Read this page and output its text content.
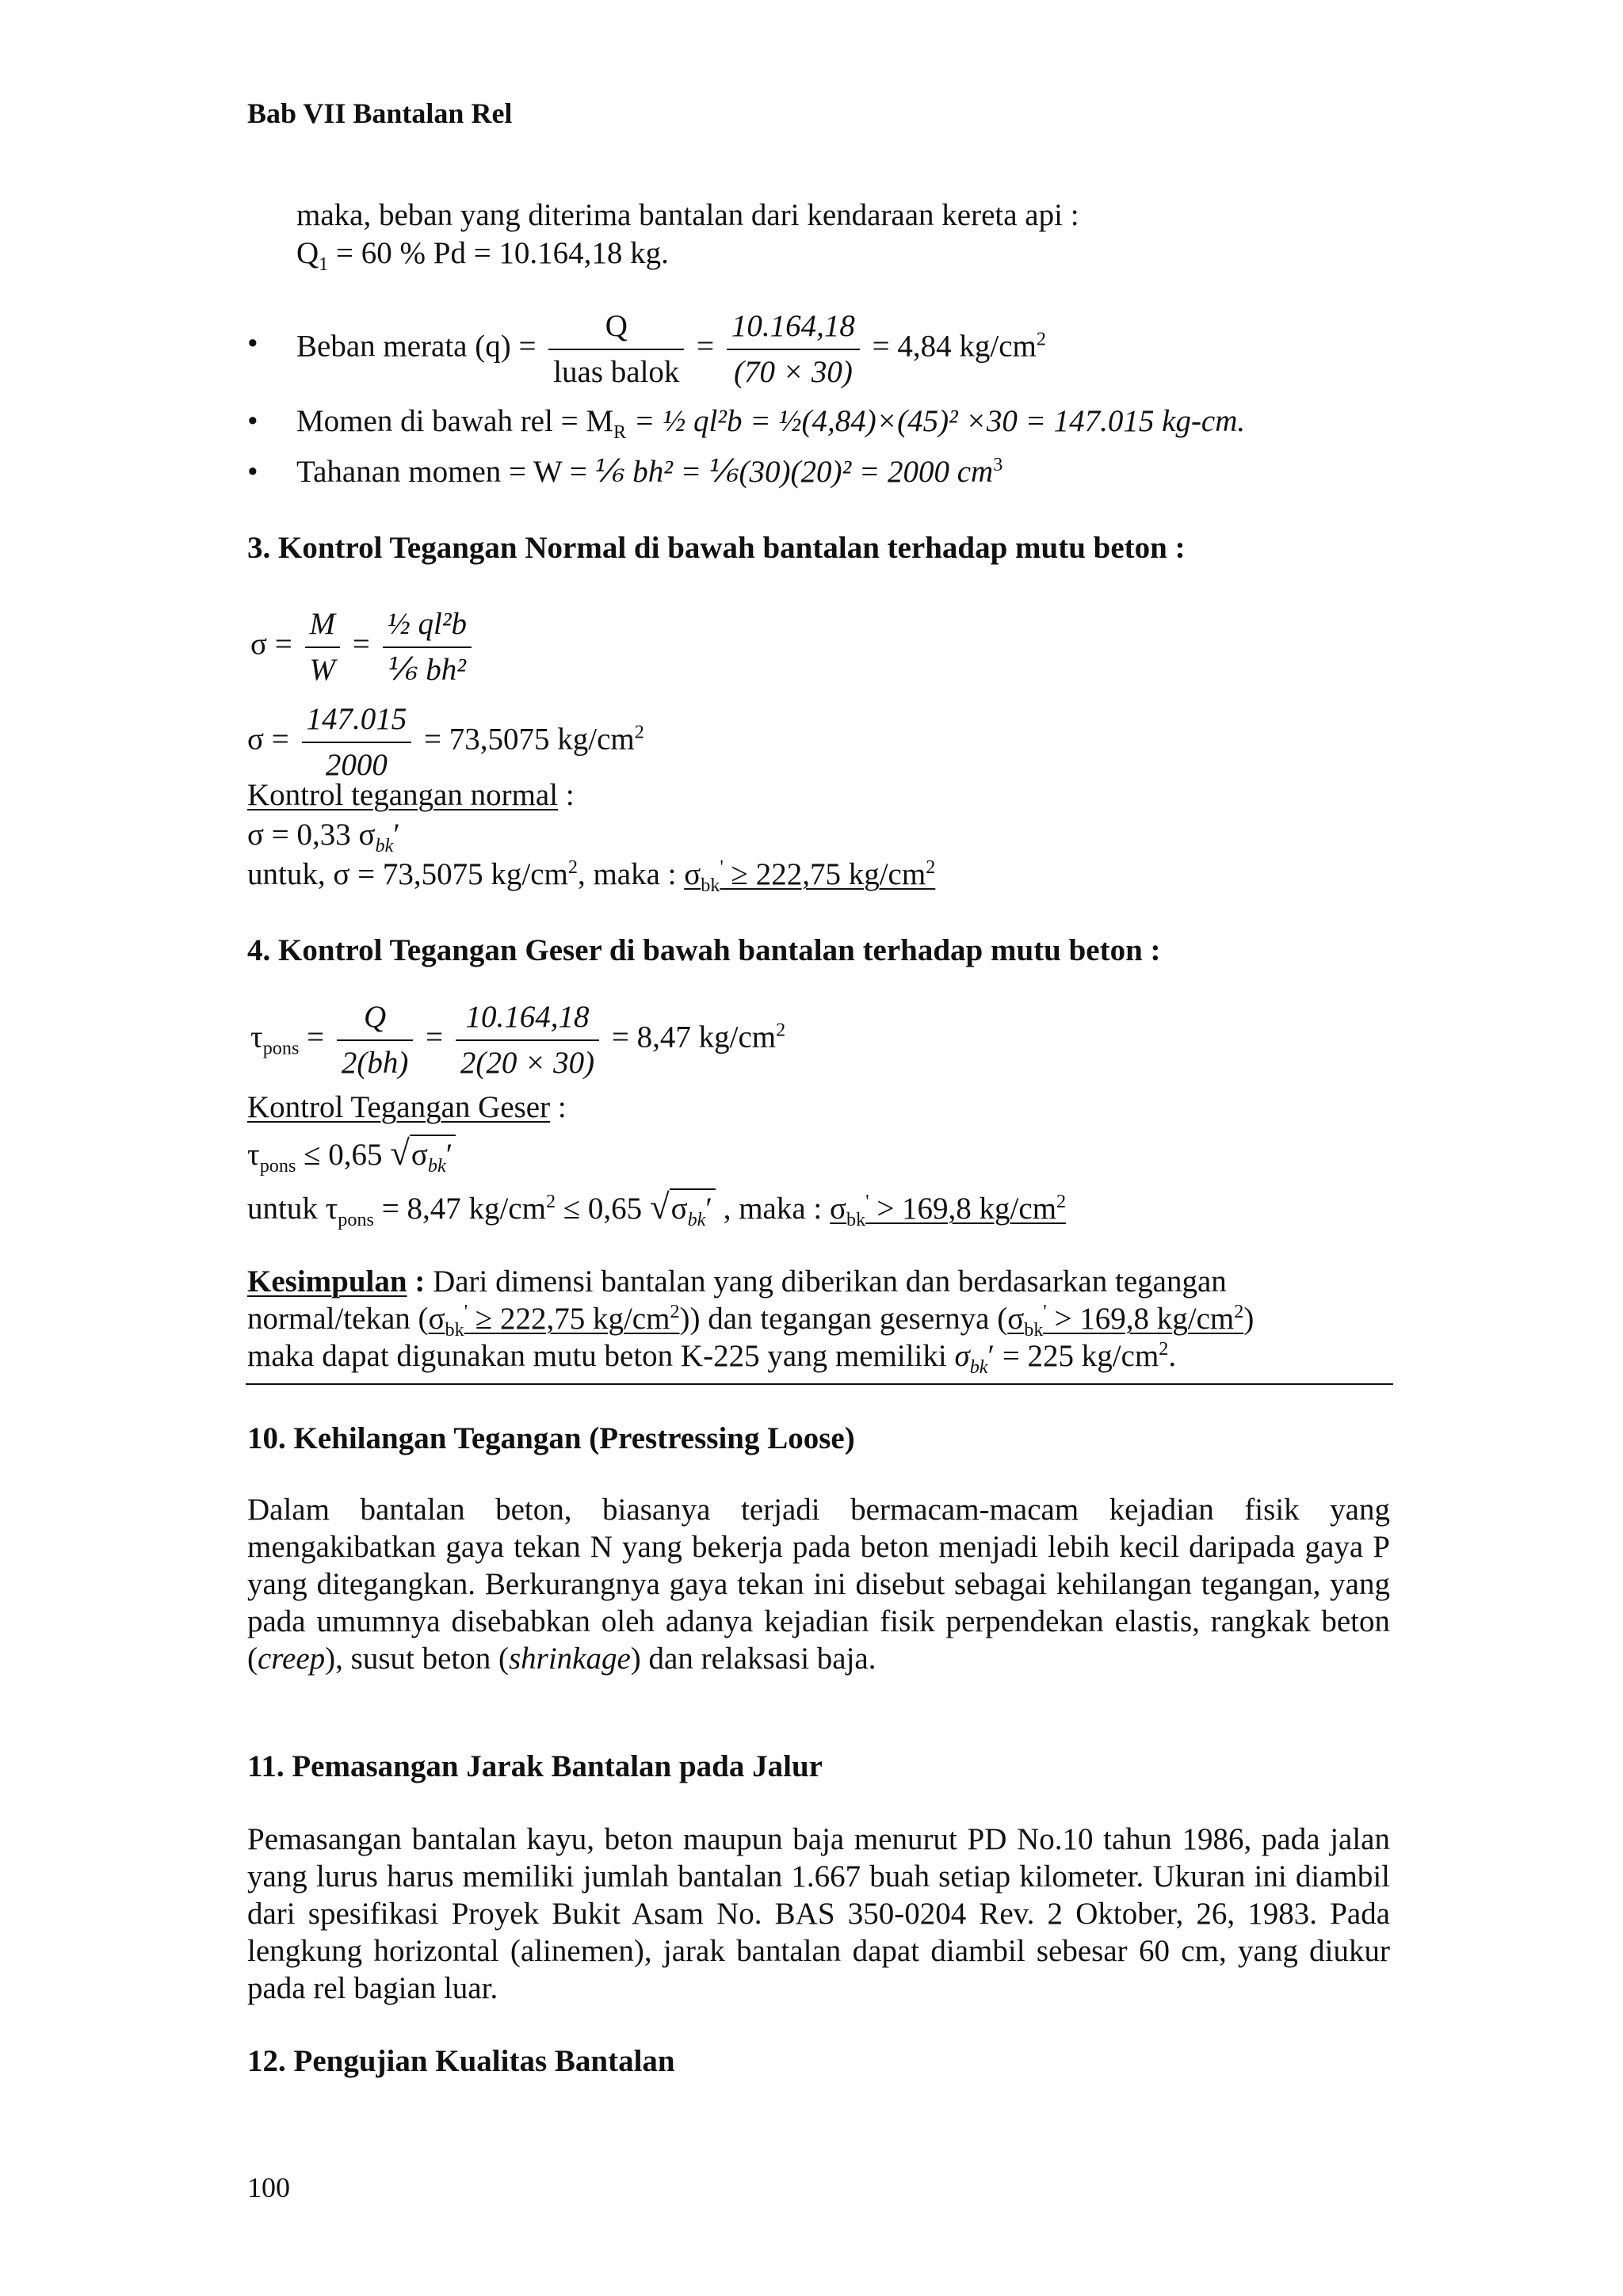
Bab VII Bantalan Rel
maka, beban yang diterima bantalan dari kendaraan kereta api :
$Q_1 = 60$ % Pd = 10.164,18 kg.
• Beban merata $(q) = \frac{Q}{\text{luas balok}} = \frac{10.164,18}{(70 \times 30)} = 4,84$ $kg/cm^2$
• Momen di bawah rel = $M_R$ = ½ ql²b = ½(4,84)×(45)² ×30 = 147.015 kg-cm.
• Tahanan momen = W = ⅙ bh² = ⅙(30)(20)² = 2000 $cm^3$
3. Kontrol Tegangan Normal di bawah bantalan terhadap mutu beton :
$\sigma = \frac{M}{W} = \frac{\text{½ ql²b}}{\text{⅙ bh²}}$
$\sigma = \frac{147.015}{2000} = 73,5075$ $kg/cm^2$
Kontrol tegangan normal :
σ = 0,33 $\sigma_{bk}'$
untuk, σ = 73,5075 $kg/cm^2$, maka : $\sigma_{bk}' \ge 222,75$ $kg/cm^2$
4. Kontrol Tegangan Geser di bawah bantalan terhadap mutu beton :
$\tau_{pons} = \frac{Q}{2(bh)} = \frac{10.164,18}{2(20 \times 30)} = 8,47$ $kg/cm^2$
Kontrol Tegangan Geser :
$\tau_{pons} \le 0,65$ $√\sigma_{bk}'$
untuk $\tau_{pons} = 8,47$ $kg/cm^2 \le 0,65$ $√\sigma_{bk}'$ , maka : $\sigma_{bk}' > 169,8$ $kg/cm^2$
Kesimpulan : Dari dimensi bantalan yang diberikan dan berdasarkan tegangan
normal/tekan ($\sigma_{bk}' \ge 222,75$ $kg/cm^2$)) dan tegangan gesernya ($\sigma_{bk}' > 169,8$ $kg/cm^2$)
maka dapat digunakan mutu beton K-225 yang memiliki $\sigma_{bk}' = 225$ $kg/cm^2$.
10. Kehilangan Tegangan (Prestressing Loose)
Dalam bantalan beton, biasanya terjadi bermacam-macam kejadian fisik yang mengakibatkan gaya tekan N yang bekerja pada beton menjadi lebih kecil daripada gaya P yang ditegangkan. Berkurangnya gaya tekan ini disebut sebagai kehilangan tegangan, yang pada umumnya disebabkan oleh adanya kejadian fisik perpendekan elastis, rangkak beton (creep), susut beton (shrinkage) dan relaksasi baja.
11. Pemasangan Jarak Bantalan pada Jalur
Pemasangan bantalan kayu, beton maupun baja menurut PD No.10 tahun 1986, pada jalan yang lurus harus memiliki jumlah bantalan 1.667 buah setiap kilometer. Ukuran ini diambil dari spesifikasi Proyek Bukit Asam No. BAS 350-0204 Rev. 2 Oktober, 26, 1983. Pada lengkung horizontal (alinemen), jarak bantalan dapat diambil sebesar 60 cm, yang diukur pada rel bagian luar.
12. Pengujian Kualitas Bantalan
100
